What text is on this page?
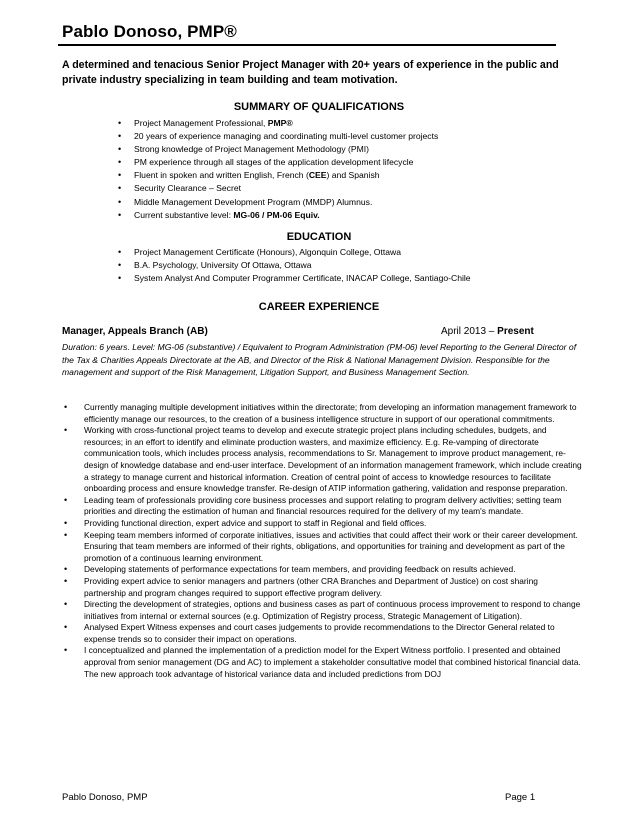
Pablo Donoso, PMP®
A determined and tenacious Senior Project Manager with 20+ years of experience in the public and private industry specializing in team building and team motivation.
SUMMARY OF QUALIFICATIONS
• Project Management Professional, PMP®
• 20 years of experience managing and coordinating multi-level customer projects
• Strong knowledge of Project Management Methodology (PMI)
• PM experience through all stages of the application development lifecycle
• Fluent in spoken and written English, French (CEE) and Spanish
• Security Clearance – Secret
• Middle Management Development Program (MMDP) Alumnus.
• Current substantive level: MG-06 / PM-06 Equiv.
EDUCATION
• Project Management Certificate (Honours), Algonquin College, Ottawa
• B.A. Psychology, University Of Ottawa, Ottawa
• System Analyst And Computer Programmer Certificate, INACAP College, Santiago-Chile
CAREER EXPERIENCE
Manager, Appeals Branch (AB)	April 2013 – Present
Duration: 6 years. Level: MG-06 (substantive) / Equivalent to Program Administration (PM-06) level Reporting to the General Director of the Tax & Charities Appeals Directorate at the AB, and Director of the Risk & National Management Division. Responsible for the management and support of the Risk Management, Litigation Support, and Business Management Section.
• Currently managing multiple development initiatives within the directorate; from developing an information management framework to efficiently manage our resources, to the creation of a business intelligence structure in support of our operational commitments.
• Working with cross-functional project teams to develop and execute strategic project plans including schedules, budgets, and resources; in an effort to identify and eliminate production wasters, and maximize efficiency. E.g. Re-vamping of directorate communication tools, which includes process analysis, recommendations to Sr. Management to improve product management, re-design of knowledge database and end-user interface. Development of an information management framework, which include creating a strategy to manage current and historical information. Creation of central point of access to knowledge resources to facilitate onboarding process and ensure knowledge transfer. Re-design of ATIP information gathering, validation and response preparation.
• Leading team of professionals providing core business processes and support relating to program delivery activities; setting team priorities and directing the estimation of human and financial resources required for the delivery of my team's mandate.
• Providing functional direction, expert advice and support to staff in Regional and field offices.
• Keeping team members informed of corporate initiatives, issues and activities that could affect their work or their career development. Ensuring that team members are informed of their rights, obligations, and opportunities for training and development as part of the promotion of a continuous learning environment.
• Developing statements of performance expectations for team members, and providing feedback on results achieved.
• Providing expert advice to senior managers and partners (other CRA Branches and Department of Justice) on cost sharing partnership and program changes required to support effective program delivery.
• Directing the development of strategies, options and business cases as part of continuous process improvement to respond to change initiatives from internal or external sources (e.g. Optimization of Registry process, Strategic Management of Litigation).
• Analysed Expert Witness expenses and court cases judgements to provide recommendations to the Director General related to expense trends so to consider their impact on operations.
• I conceptualized and planned the implementation of a prediction model for the Expert Witness portfolio. I presented and obtained approval from senior management (DG and AC) to implement a stakeholder consultative model that combined historical financial data. The new approach took advantage of historical variance data and included predictions from DOJ
Pablo Donoso, PMP	Page 1
